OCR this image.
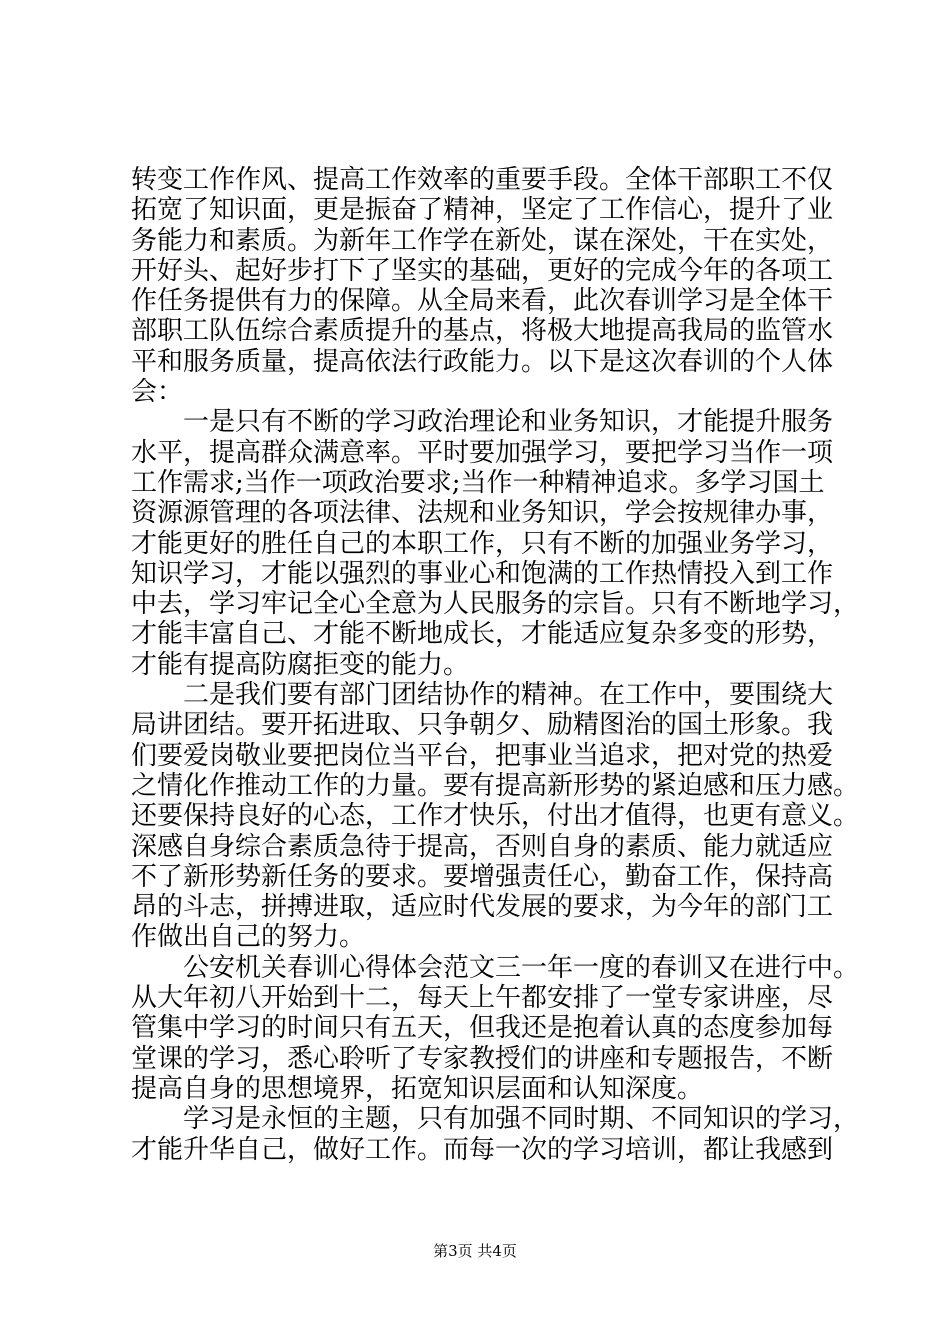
转变工作作风、提高工作效率的重要手段。全体干部职工不仅
拓宽了知识面，更是振奋了精神，坚定了工作信心，提升了业
务能力和素质。为新年工作学在新处，谋在深处，干在实处，
开好头、起好步打下了坚实的基础，更好的完成今年的各项工
作任务提供有力的保障。从全局来看，此次春训学习是全体干
部职工队伍综合素质提升的基点，将极大地提高我局的监管水
平和服务质量，提高依法行政能力。以下是这次春训的个人体
会：
　　一是只有不断的学习政治理论和业务知识，才能提升服务
水平，提高群众满意率。平时要加强学习，要把学习当作一项
工作需求;当作一项政治要求;当作一种精神追求。多学习国土
资源源管理的各项法律、法规和业务知识，学会按规律办事，
才能更好的胜任自己的本职工作，只有不断的加强业务学习，
知识学习，才能以强烈的事业心和饱满的工作热情投入到工作
中去，学习牢记全心全意为人民服务的宗旨。只有不断地学习，
才能丰富自己、才能不断地成长，才能适应复杂多变的形势，
才能有提高防腐拒变的能力。
　　二是我们要有部门团结协作的精神。在工作中，要围绕大
局讲团结。要开拓进取、只争朝夕、励精图治的国土形象。我
们要爱岗敬业要把岗位当平台，把事业当追求，把对党的热爱
之情化作推动工作的力量。要有提高新形势的紧迫感和压力感。
还要保持良好的心态，工作才快乐，付出才值得，也更有意义。
深感自身综合素质急待于提高，否则自身的素质、能力就适应
不了新形势新任务的要求。要增强责任心，勤奋工作，保持高
昂的斗志，拼搏进取，适应时代发展的要求，为今年的部门工
作做出自己的努力。
　　公安机关春训心得体会范文三一年一度的春训又在进行中。
从大年初八开始到十二，每天上午都安排了一堂专家讲座，尽
管集中学习的时间只有五天，但我还是抱着认真的态度参加每
堂课的学习，悉心聆听了专家教授们的讲座和专题报告，不断
提高自身的思想境界，拓宽知识层面和认知深度。
　　学习是永恒的主题，只有加强不同时期、不同知识的学习，
才能升华自己，做好工作。而每一次的学习培训，都让我感到
第3页 共4页
